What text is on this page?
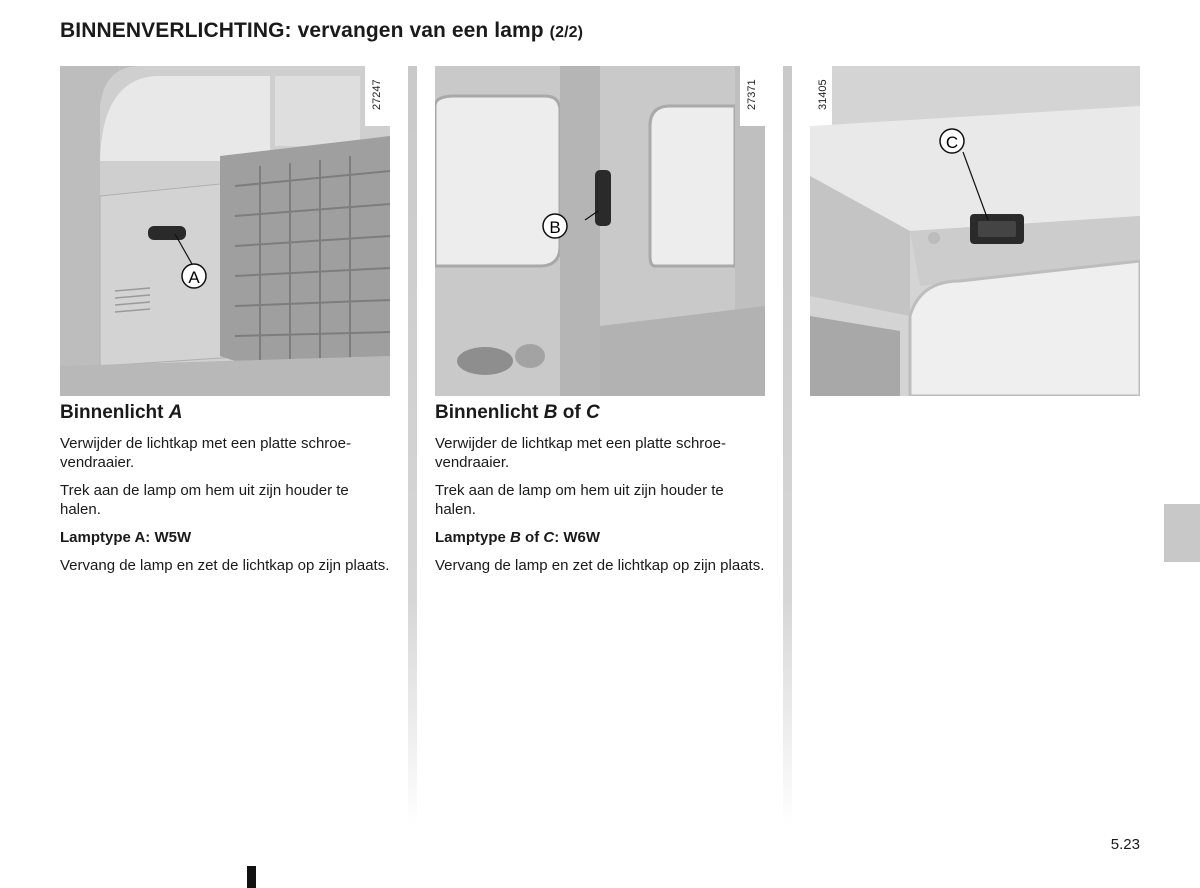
BINNENVERLICHTING: vervangen van een lamp (2/2)
A
27247
B
27371
C
31405
Binnenlicht A

Verwijder de lichtkap met een platte schroe-vendraaier.

Trek aan de lamp om hem uit zijn houder te halen.

Lamptype A: W5W

Vervang de lamp en zet de lichtkap op zijn plaats.

Binnenlicht B of C

Verwijder de lichtkap met een platte schroe-vendraaier.

Trek aan de lamp om hem uit zijn houder te halen.

Lamptype B of C: W6W

Vervang de lamp en zet de lichtkap op zijn plaats.

5.23
